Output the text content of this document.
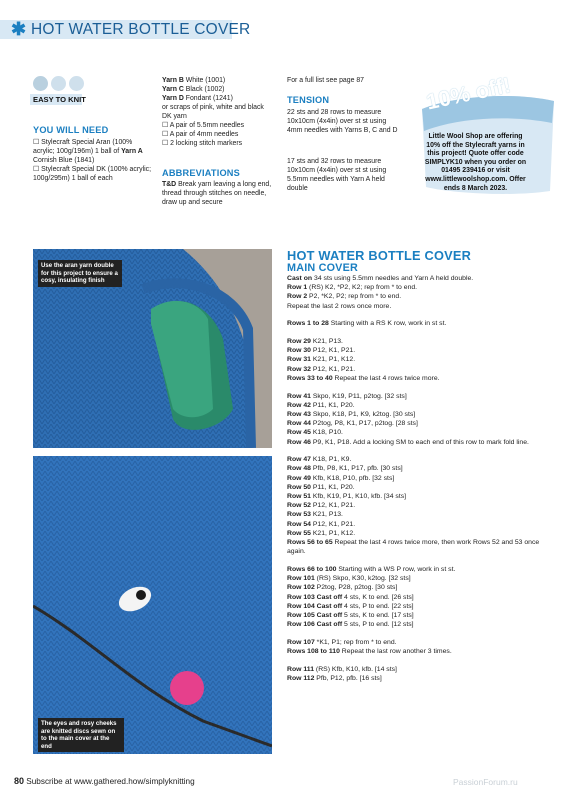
✱ HOT WATER BOTTLE COVER
EASY TO KNIT
YOU WILL NEED
☐ Stylecraft Special Aran (100% acrylic; 100g/196m) 1 ball of Yarn A Cornish Blue (1841)
☐ Stylecraft Special DK (100% acrylic; 100g/295m) 1 ball of each
Yarn B White (1001)
Yarn C Black (1002)
Yarn D Fondant (1241)
or scraps of pink, white and black DK yarn
☐ A pair of 5.5mm needles
☐ A pair of 4mm needles
☐ 2 locking stitch markers
ABBREVIATIONS
T&D Break yarn leaving a long end, thread through stitches on needle, draw up and secure
For a full list see page 87
TENSION
22 sts and 28 rows to measure 10x10cm (4x4in) over st st using 4mm needles with Yarns B, C and D
17 sts and 32 rows to measure 10x10cm (4x4in) over st st using 5.5mm needles with Yarn A held double
10% off!
Little Wool Shop are offering 10% off the Stylecraft yarns in this project! Quote offer code SIMPLYK10 when you order on 01495 239416 or visit www.littlewoolshop.com. Offer ends 8 March 2023.
Use the aran yarn double for this project to ensure a cosy, insulating finish
The eyes and rosy cheeks are knitted discs sewn on to the main cover at the end
HOT WATER BOTTLE COVER
MAIN COVER

Cast on 34 sts using 5.5mm needles and Yarn A held double.

Row 1 (RS) K2, *P2, K2; rep from * to end.

Row 2 P2, *K2, P2; rep from * to end.

Repeat the last 2 rows once more.

Rows 1 to 28 Starting with a RS K row, work in st st.

Row 29 K21, P13.

Row 30 P12, K1, P21.

Row 31 K21, P1, K12.

Row 32 P12, K1, P21.

Rows 33 to 40 Repeat the last 4 rows twice more.

Row 41 Skpo, K19, P11, p2tog. [32 sts]

Row 42 P11, K1, P20.

Row 43 Skpo, K18, P1, K9, k2tog. [30 sts]

Row 44 P2tog, P8, K1, P17, p2tog. [28 sts]

Row 45 K18, P10.

Row 46 P9, K1, P18. Add a locking SM to each end of this row to mark fold line.

Row 47 K18, P1, K9.

Row 48 Pfb, P8, K1, P17, pfb. [30 sts]

Row 49 Kfb, K18, P10, pfb. [32 sts]

Row 50 P11, K1, P20.

Row 51 Kfb, K19, P1, K10, kfb. [34 sts]

Row 52 P12, K1, P21.

Row 53 K21, P13.

Row 54 P12, K1, P21.

Row 55 K21, P1, K12.

Rows 56 to 65 Repeat the last 4 rows twice more, then work Rows 52 and 53 once again.

Rows 66 to 100 Starting with a WS P row, work in st st.

Row 101 (RS) Skpo, K30, k2tog. [32 sts]

Row 102 P2tog, P28, p2tog. [30 sts]

Row 103 Cast off 4 sts, K to end. [26 sts]

Row 104 Cast off 4 sts, P to end. [22 sts]

Row 105 Cast off 5 sts, K to end. [17 sts]

Row 106 Cast off 5 sts, P to end. [12 sts]

Row 107 *K1, P1; rep from * to end.

Rows 108 to 110 Repeat the last row another 3 times.

Row 111 (RS) Kfb, K10, kfb. [14 sts]

Row 112 Pfb, P12, pfb. [16 sts]

80 Subscribe at www.gathered.how/simplyknitting	PassionForum.ru
